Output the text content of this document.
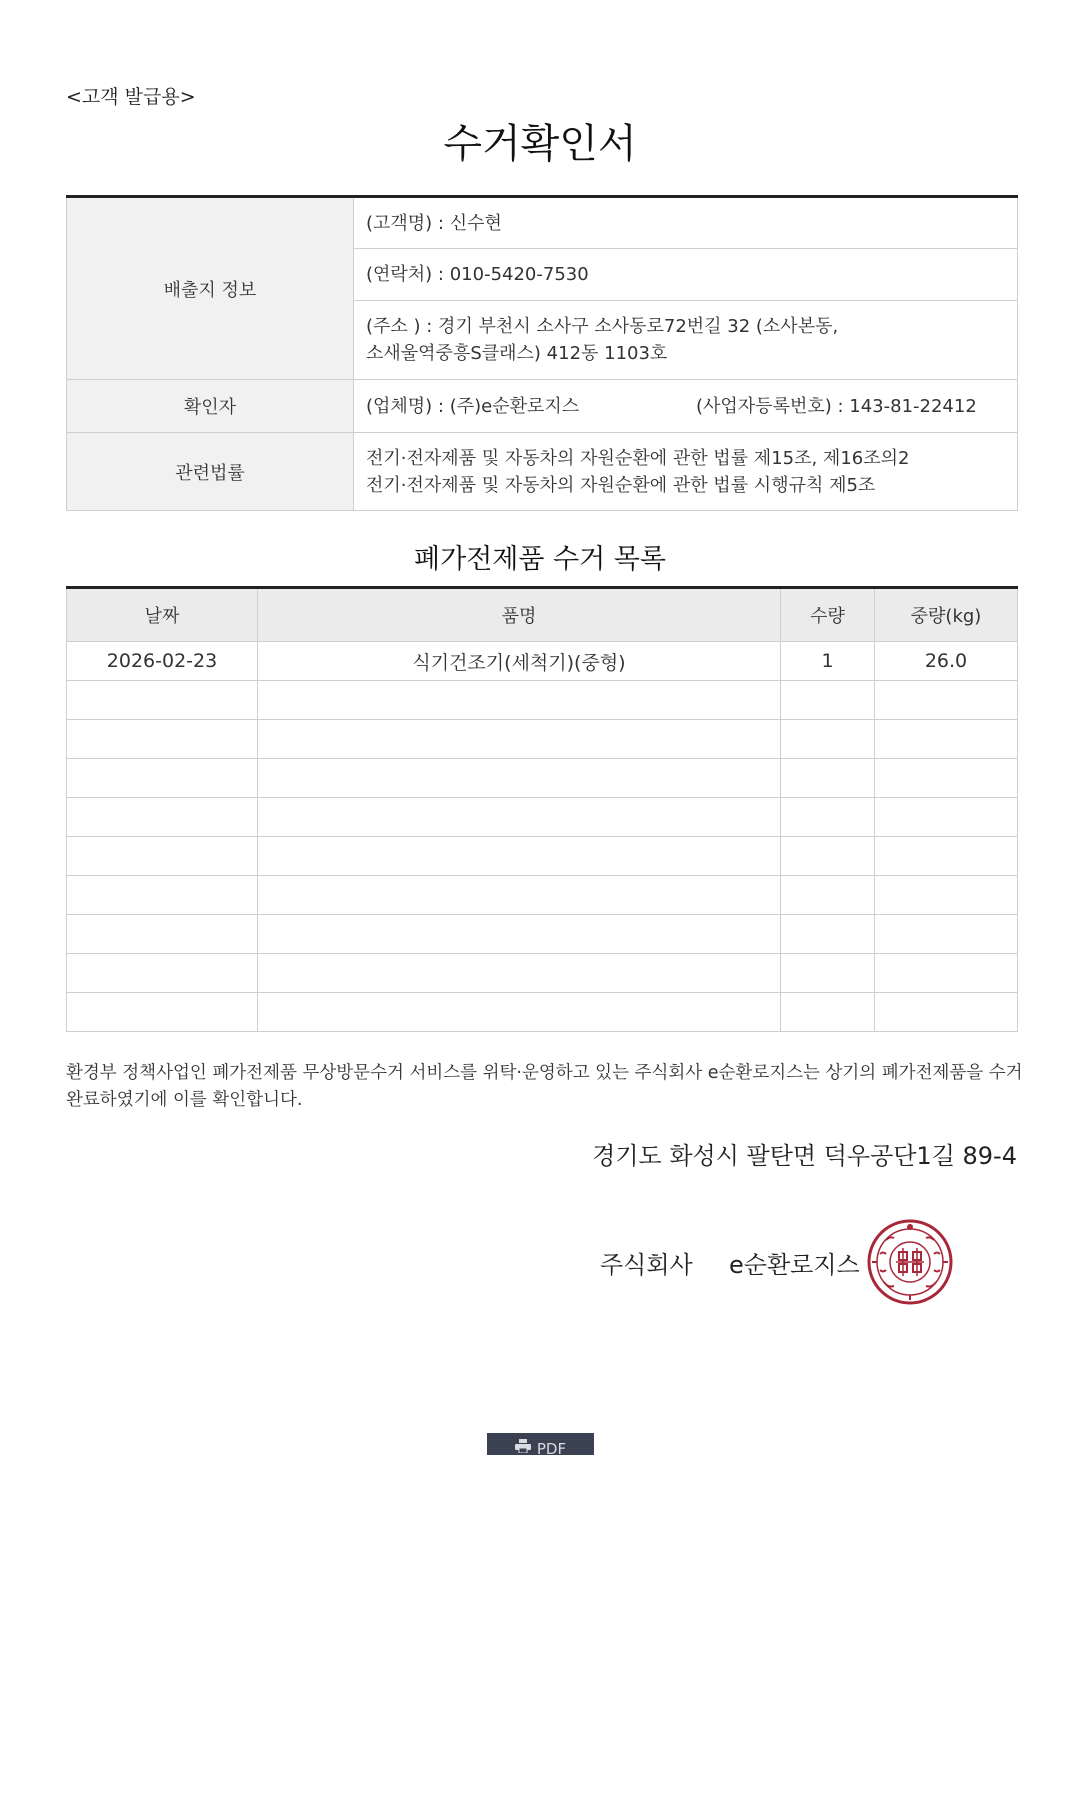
<고객 발급용>
수거확인서
배출지 정보	(고객명) : 신수현
	(연락처) : 010-5420-7530

	(주소 ) : 경기 부천시 소사구 소사동로72번길 32 (소사본동,
소새울역중흥S클래스) 412동 1103호

확인자	(업체명) : (주)e순환로지스 (사업자등록번호) : 143-81-22412
관련법률	전기·전자제품 및 자동차의 자원순환에 관한 법률 제15조, 제16조의2
전기·전자제품 및 자동차의 자원순환에 관한 법률 시행규칙 제5조
폐가전제품 수거 목록
날짜	품명	수량	중량(kg)
2026-02-23	식기건조기(세척기)(중형)	1	26.0

환경부 정책사업인 폐가전제품 무상방문수거 서비스를 위탁·운영하고 있는 주식회사 e순환로지스는 상기의 폐가전제품을 수거 완료하였기에 이를 확인합니다.

경기도 화성시 팔탄면 덕우공단1길 89-4
주식회사 e순환로지스
PDF
